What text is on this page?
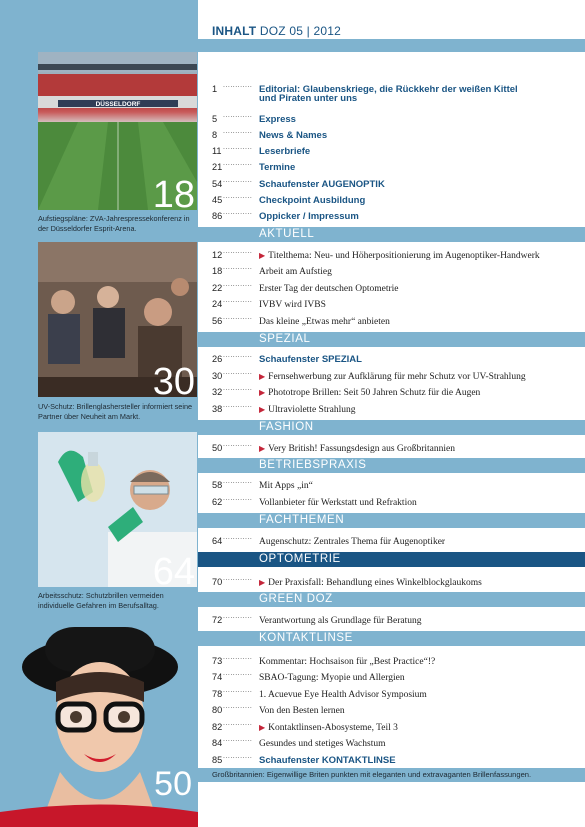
DÜSSELDORF
18
Aufstiegspläne: ZVA-Jahrespressekonferenz in der Düsseldorfer Esprit-Arena.
30
UV-Schutz: Brillenglashersteller informiert seine Partner über Neuheit am Markt.
64
Arbeitsschutz: Schutzbrillen vermeiden individuelle Gefahren im Berufsalltag.
50
INHALT DOZ 05 | 2012
1 ............ Editorial: Glaubenskriege, die Rückkehr der weißen Kittel
und Piraten unter uns
5 ............ Express
8 ............ News & Names
11............ Leserbriefe
21............ Termine
54............ Schaufenster AUGENOPTIK
45............ Checkpoint Ausbildung
86............ Oppicker / Impressum
AKTUELL
12............ ▶ Titelthema: Neu- und Höherpositionierung im Augenoptiker-Handwerk
18............ Arbeit am Aufstieg
22............ Erster Tag der deutschen Optometrie
24............ IVBV wird IVBS
56............ Das kleine „Etwas mehr“ anbieten
SPEZIAL
26............ Schaufenster SPEZIAL
30............ ▶ Fernsehwerbung zur Aufklärung für mehr Schutz vor UV-Strahlung
32............ ▶ Phototrope Brillen: Seit 50 Jahren Schutz für die Augen
38............ ▶ Ultraviolette Strahlung
FASHION
50............ ▶ Very British! Fassungsdesign aus Großbritannien
BETRIEBSPRAXIS
58............ Mit Apps „in“
62............ Vollanbieter für Werkstatt und Refraktion
FACHTHEMEN
64............ Augenschutz: Zentrales Thema für Augenoptiker
OPTOMETRIE
70............ ▶ Der Praxisfall: Behandlung eines Winkelblockglaukoms
GREEN DOZ
72............ Verantwortung als Grundlage für Beratung
KONTAKTLINSE
73............ Kommentar: Hochsaison für „Best Practice“!?
74............ SBAO-Tagung: Myopie und Allergien
78............ 1. Acuevue Eye Health Advisor Symposium
80............ Von den Besten lernen
82............ ▶ Kontaktlinsen-Abosysteme, Teil 3
84............ Gesundes und stetiges Wachstum
85............ Schaufenster KONTAKTLINSE
Großbritannien: Eigenwillige Briten punkten mit eleganten und extravaganten Brillenfassungen.
